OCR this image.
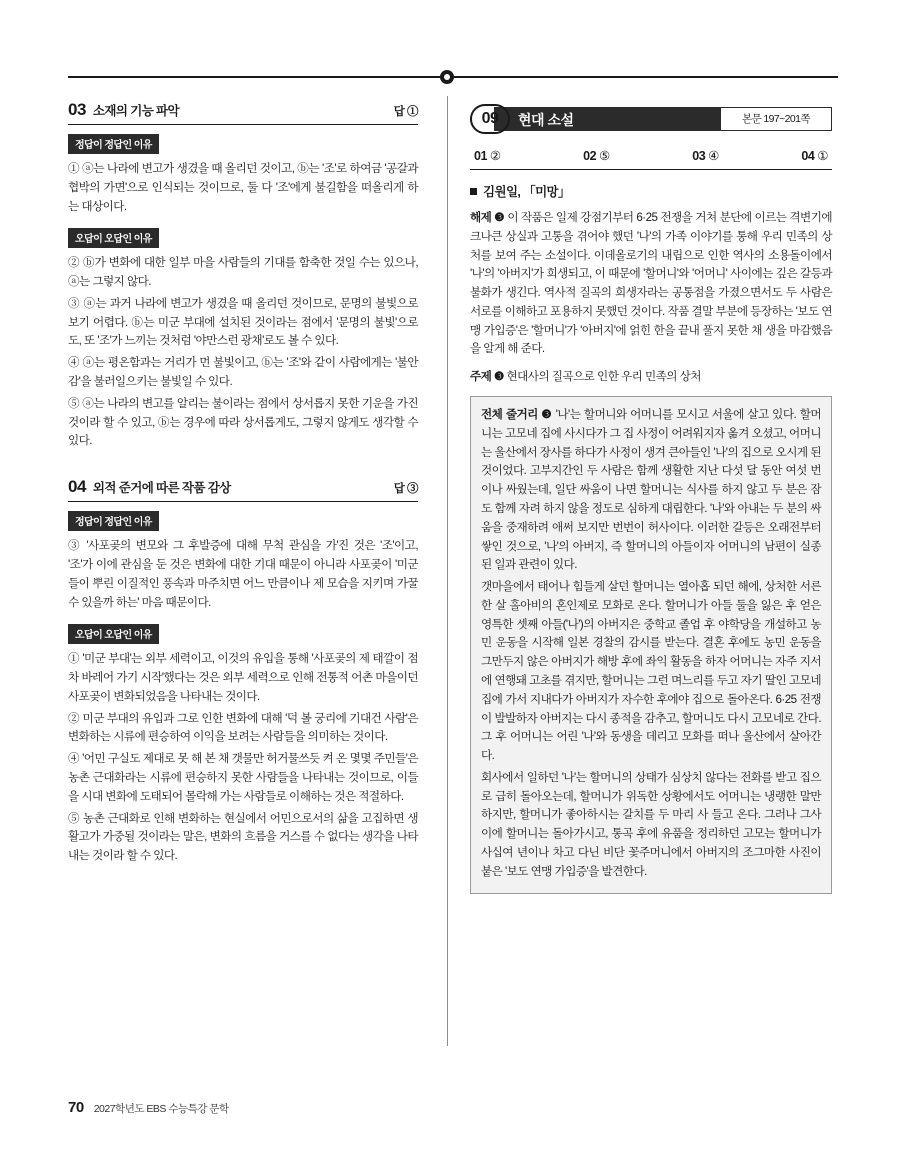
03 소재의 기능 파악	답 ①
정답이 정답인 이유

① ⓐ는 나라에 변고가 생겼을 때 올리던 것이고, ⓑ는 '조'로 하여금 '공갈과 협박의 가면'으로 인식되는 것이므로, 둘 다 '조'에게 불길함을 떠올리게 하는 대상이다.

오답이 오답인 이유

② ⓑ가 변화에 대한 일부 마을 사람들의 기대를 함축한 것일 수는 있으나, ⓐ는 그렇지 않다.

③ ⓐ는 과거 나라에 변고가 생겼을 때 올리던 것이므로, 문명의 불빛으로 보기 어렵다. ⓑ는 미군 부대에 설치된 것이라는 점에서 '문명의 불빛'으로도, 또 '조'가 느끼는 것처럼 '야만스런 광채'로도 볼 수 있다.

④ ⓐ는 평온함과는 거리가 먼 불빛이고, ⓑ는 '조'와 같이 사람에게는 '불안감'을 불러일으키는 불빛일 수 있다.

⑤ ⓐ는 나라의 변고를 알리는 불이라는 점에서 상서롭지 못한 기운을 가진 것이라 할 수 있고, ⓑ는 경우에 따라 상서롭게도, 그렇지 않게도 생각할 수 있다.

04 외적 준거에 따른 작품 감상	답 ③
정답이 정답인 이유

③ '사포곶의 변모와 그 후발증에 대해 무척 관심을 가'진 것은 '조'이고, '조'가 이에 관심을 둔 것은 변화에 대한 기대 때문이 아니라 사포곶이 '미군들이 뿌린 이질적인 풍속과 마주치면 어느 만큼이나 제 모습을 지키며 가꿀 수 있을까 하는' 마음 때문이다.

오답이 오답인 이유

① '미군 부대'는 외부 세력이고, 이것의 유입을 통해 '사포곶의 제 태깔이 점차 바레어 가기 시작'했다는 것은 외부 세력으로 인해 전통적 어촌 마을이던 사포곶이 변화되었음을 나타내는 것이다.

② 미군 부대의 유입과 그로 인한 변화에 대해 '덕 볼 궁리에 기대건 사람'은 변화하는 시류에 편승하여 이익을 보려는 사람들을 의미하는 것이다.

④ '어민 구실도 제대로 못 해 본 채 갯물만 허거물쓰듯 켜 온 몇몇 주민들'은 농촌 근대화라는 시류에 편승하지 못한 사람들을 나타내는 것이므로, 이들을 시대 변화에 도태되어 몰락해 가는 사람들로 이해하는 것은 적절하다.

⑤ 농촌 근대화로 인해 변화하는 현실에서 어민으로서의 삶을 고집하면 생활고가 가중될 것이라는 말은, 변화의 흐름을 거스를 수 없다는 생각을 나타내는 것이라 할 수 있다.

09	현대 소설	본문 197~201쪽
01 ②	02 ⑤	03 ④	04 ①
김원일, 「미망」

해제 ❸ 이 작품은 일제 강점기부터 6·25 전쟁을 거쳐 분단에 이르는 격변기에 크나큰 상실과 고통을 겪어야 했던 '나'의 가족 이야기를 통해 우리 민족의 상처를 보여 주는 소설이다. 이데올로기의 내립으로 인한 역사의 소용돌이에서 '나'의 '아버지'가 희생되고, 이 때문에 '할머니'와 '어머니' 사이에는 깊은 갈등과 불화가 생긴다. 역사적 질곡의 희생자라는 공통점을 가졌으면서도 두 사람은 서로를 이해하고 포용하지 못했던 것이다. 작품 결말 부분에 등장하는 '보도 연맹 가입증'은 '할머니'가 '아버지'에 얽힌 한을 끝내 풀지 못한 채 생을 마감했음을 알게 해 준다.

주제 ❸ 현대사의 질곡으로 인한 우리 민족의 상처

전체 줄거리 ❸ '나'는 할머니와 어머니를 모시고 서울에 살고 있다. 할머니는 고모네 집에 사시다가 그 집 사정이 어려워지자 옮겨 오셨고, 어머니는 울산에서 장사를 하다가 사정이 생겨 큰아들인 '나'의 집으로 오시게 된 것이었다. 고부지간인 두 사람은 함께 생활한 지난 다섯 달 동안 여섯 번이나 싸웠는데, 일단 싸움이 나면 할머니는 식사를 하지 않고 두 분은 잠도 함께 자려 하지 않을 정도로 심하게 대립한다. '나'와 아내는 두 분의 싸움을 중재하려 애써 보지만 번번이 허사이다. 이러한 갈등은 오래전부터 쌓인 것으로, '나'의 아버지, 즉 할머니의 아들이자 어머니의 남편이 실종된 일과 관련이 있다.

갯마을에서 태어나 힘들게 살던 할머니는 열아홉 되던 해에, 상처한 서른한 살 홀아비의 혼인제로 모화로 온다. 할머니가 아들 둘을 잃은 후 얻은 영특한 셋째 아들('나')의 아버지은 중학교 졸업 후 야학당을 개설하고 농민 운동을 시작해 일본 경찰의 감시를 받는다. 결혼 후에도 농민 운동을 그만두지 않은 아버지가 해방 후에 좌익 활동을 하자 어머니는 자주 지서에 연행돼 고초를 겪지만, 할머니는 그런 며느리를 두고 자기 딸인 고모네 집에 가서 지내다가 아버지가 자수한 후에야 집으로 돌아온다. 6·25 전쟁이 발발하자 아버지는 다시 종적을 감추고, 할머니도 다시 고모네로 간다. 그 후 어머니는 어린 '나'와 동생을 데리고 모화를 떠나 울산에서 살아간다.

회사에서 일하던 '나'는 할머니의 상태가 심상치 않다는 전화를 받고 집으로 급히 돌아오는데, 할머니가 위독한 상황에서도 어머니는 냉랭한 말만 하지만, 할머니가 좋아하시는 갈치를 두 마리 사 들고 온다. 그러나 그사이에 할머니는 돌아가시고, 통곡 후에 유품을 정리하던 고모는 할머니가 사십여 년이나 차고 다닌 비단 꽃주머니에서 아버지의 조그마한 사진이 붙은 '보도 연맹 가입증'을 발견한다.

70 2027학년도 EBS 수능특강 문학
